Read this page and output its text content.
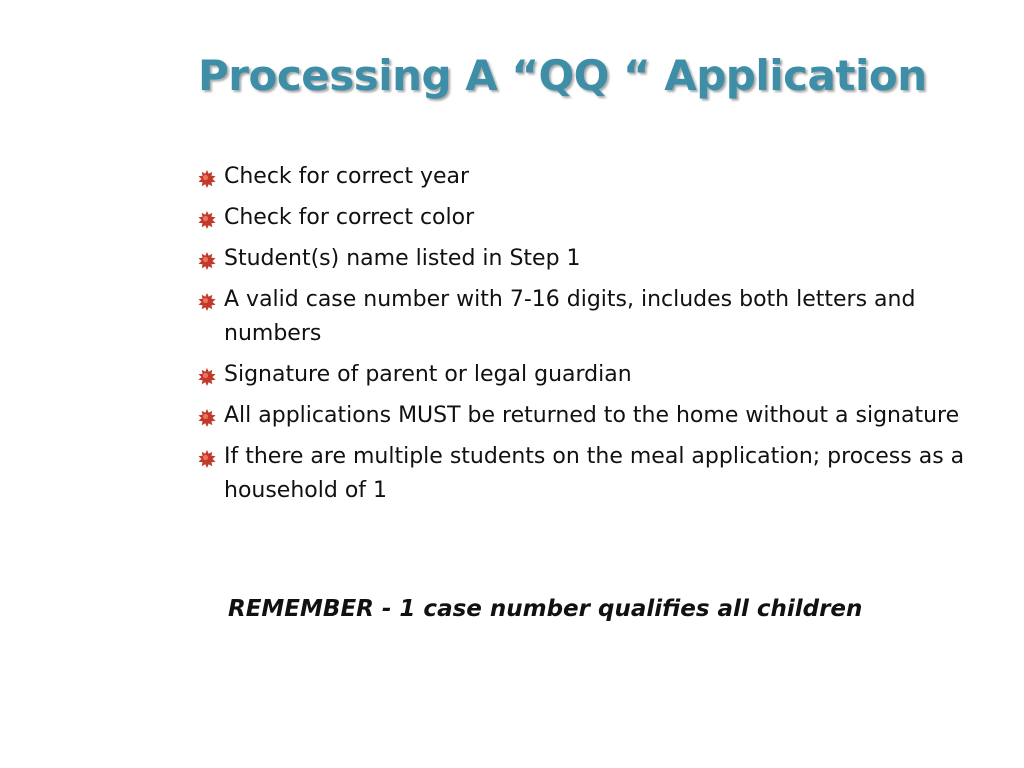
Processing A “QQ “ Application
Check for correct year
Check for correct color
Student(s) name listed in Step 1
A valid case number with 7-16 digits, includes both letters and numbers
Signature of parent or legal guardian
All applications MUST be returned to the home without a signature
If there are multiple students on the meal application; process as a household of 1

REMEMBER - 1 case number qualifies all children
